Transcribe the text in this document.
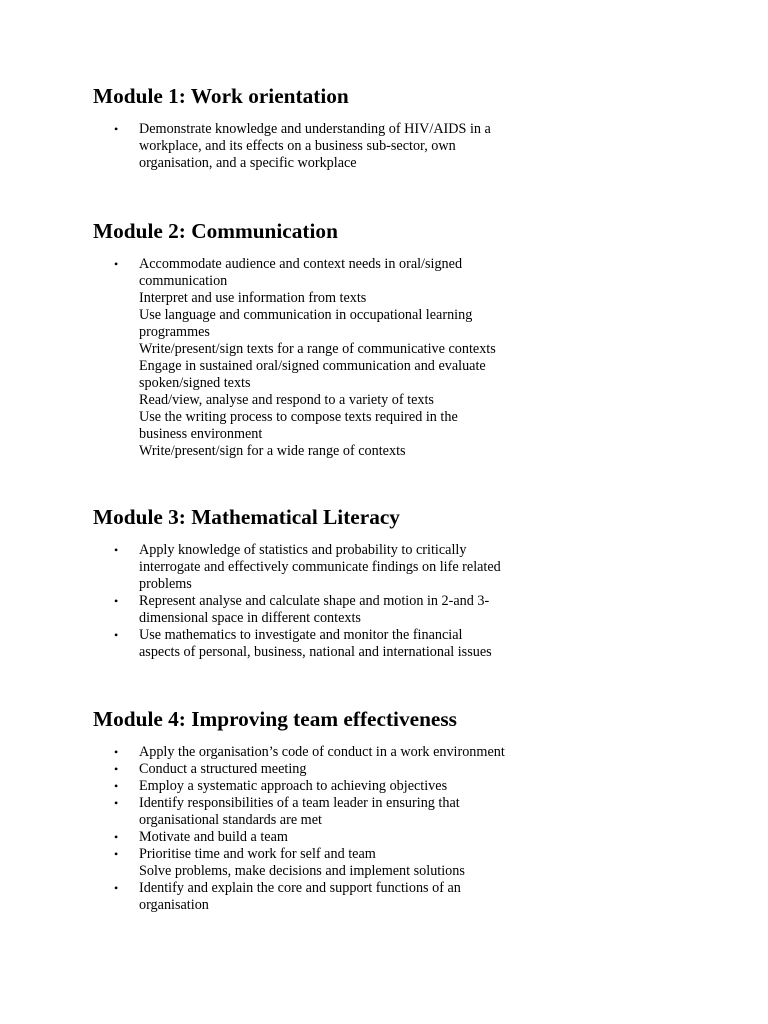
Module 1: Work orientation
• Demonstrate knowledge and understanding of HIV/AIDS in a
workplace, and its effects on a business sub-sector, own
organisation, and a specific workplace
Module 2: Communication
• Accommodate audience and context needs in oral/signed
communication
Interpret and use information from texts
Use language and communication in occupational learning
programmes
Write/present/sign texts for a range of communicative contexts
Engage in sustained oral/signed communication and evaluate
spoken/signed texts
Read/view, analyse and respond to a variety of texts
Use the writing process to compose texts required in the
business environment
Write/present/sign for a wide range of contexts
Module 3: Mathematical Literacy
• Apply knowledge of statistics and probability to critically
interrogate and effectively communicate findings on life related
problems
• Represent analyse and calculate shape and motion in 2-and 3-
dimensional space in different contexts
• Use mathematics to investigate and monitor the financial
aspects of personal, business, national and international issues
Module 4: Improving team effectiveness
• Apply the organisation’s code of conduct in a work environment
• Conduct a structured meeting
• Employ a systematic approach to achieving objectives
• Identify responsibilities of a team leader in ensuring that
organisational standards are met
• Motivate and build a team
• Prioritise time and work for self and team
Solve problems, make decisions and implement solutions
• Identify and explain the core and support functions of an
organisation
